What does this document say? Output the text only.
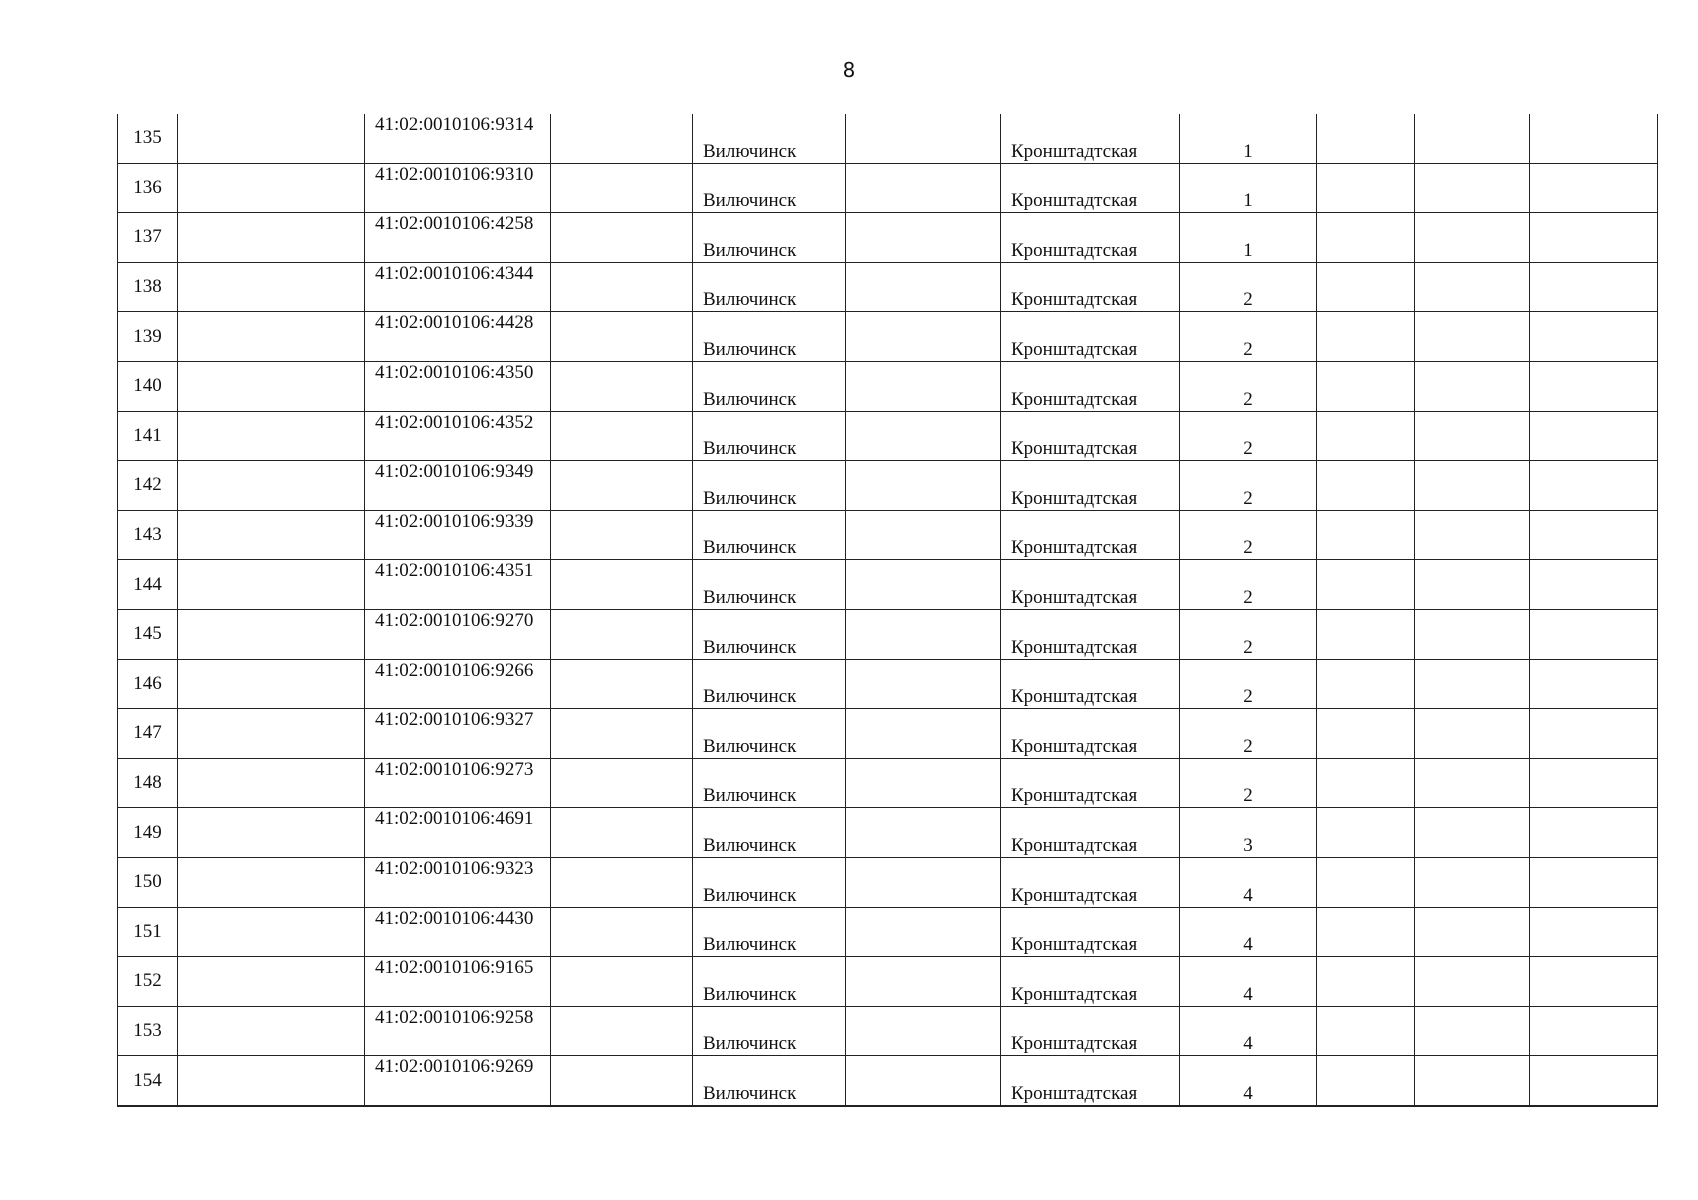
8
135		41:02:0010106:9314		Вилючинск		Кронштадтская	1			
136		41:02:0010106:9310		Вилючинск		Кронштадтская	1			
137		41:02:0010106:4258		Вилючинск		Кронштадтская	1			
138		41:02:0010106:4344		Вилючинск		Кронштадтская	2			
139		41:02:0010106:4428		Вилючинск		Кронштадтская	2			
140		41:02:0010106:4350		Вилючинск		Кронштадтская	2			
141		41:02:0010106:4352		Вилючинск		Кронштадтская	2			
142		41:02:0010106:9349		Вилючинск		Кронштадтская	2			
143		41:02:0010106:9339		Вилючинск		Кронштадтская	2			
144		41:02:0010106:4351		Вилючинск		Кронштадтская	2			
145		41:02:0010106:9270		Вилючинск		Кронштадтская	2			
146		41:02:0010106:9266		Вилючинск		Кронштадтская	2			
147		41:02:0010106:9327		Вилючинск		Кронштадтская	2			
148		41:02:0010106:9273		Вилючинск		Кронштадтская	2			
149		41:02:0010106:4691		Вилючинск		Кронштадтская	3			
150		41:02:0010106:9323		Вилючинск		Кронштадтская	4			
151		41:02:0010106:4430		Вилючинск		Кронштадтская	4			
152		41:02:0010106:9165		Вилючинск		Кронштадтская	4			
153		41:02:0010106:9258		Вилючинск		Кронштадтская	4			
154		41:02:0010106:9269		Вилючинск		Кронштадтская	4			
